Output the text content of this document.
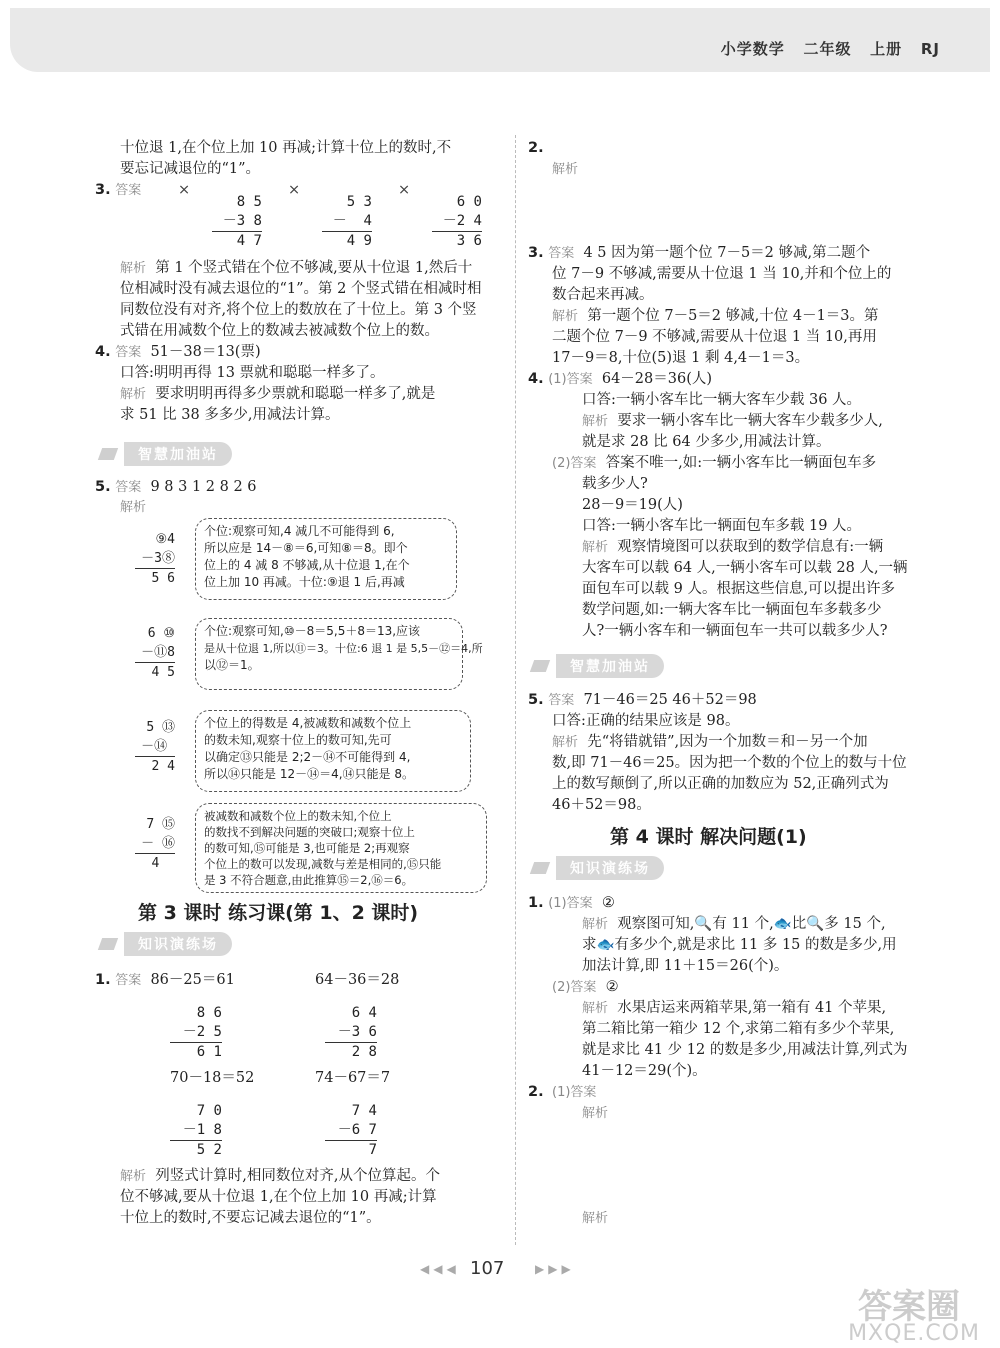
小学数学 二年级 上册 RJ
十位退 1,在个位上加 10 再减;计算十位上的数时,不
要忘记减退位的“1”。
3. 答案	×	×	×
8 5
－3 8
4 7
5 3
－  4
4 9
6 0
－2 4
3 6
解析 第 1 个竖式错在个位不够减,要从十位退 1,然后十
位相减时没有减去退位的“1”。第 2 个竖式错在相减时相
同数位没有对齐,将个位上的数放在了十位上。第 3 个竖
式错在用减数个位上的数减去被减数个位上的数。
4. 答案 51－38＝13(票)
口答:明明再得 13 票就和聪聪一样多了。
解析 要求明明再得多少票就和聪聪一样多了,就是
求 51 比 38 多多少,用减法计算。
智慧加油站
5. 答案 9 8 3 1 2 8 2 6
解析
⑨4
－3⑧
5 6
个位:观察可知,4 减几不可能得到 6,
所以应是 14－⑧＝6,可知⑧＝8。即个
位上的 4 减 8 不够减,从十位退 1,在个
位上加 10 再减。十位:⑨退 1 后,再减
6 ⑩
－⑪8
4 5
个位:观察可知,⑩－8＝5,5＋8＝13,应该
是从十位退 1,所以⑪＝3。十位:6 退 1 是 5,5－⑫＝4,所
以⑫＝1。
5 ⑬
－⑭
2 4
个位上的得数是 4,被减数和减数个位上
的数未知,观察十位上的数可知,先可
以确定⑬只能是 2;2－⑭不可能得到 4,
所以⑭只能是 12－⑭＝4,⑭只能是 8。
7 ⑮
－ ⑯
4
被减数和减数个位上的数未知,个位上
的数找不到解决问题的突破口;观察十位上
的数可知,⑮可能是 3,也可能是 2;再观察
个位上的数可以发现,减数与差是相同的,⑮只能
是 3 不符合题意,由此推算⑮＝2,⑯＝6。
第 3 课时 练习课(第 1、2 课时)
知识演练场
1. 答案 86－25＝61	64－36＝28
8 6
－2 5
6 1
6 4
－3 6
2 8
70－18＝52	74－67＝7
7 0
－1 8
5 2
7 4
－6 7
7
解析 列竖式计算时,相同数位对齐,从个位算起。个
位不够减,要从十位退 1,在个位上加 10 再减;计算
十位上的数时,不要忘记减去退位的“1”。
2.
解析
3. 答案 4 5 因为第一题个位 7－5＝2 够减,第二题个
位 7－9 不够减,需要从十位退 1 当 10,并和个位上的
数合起来再减。
解析 第一题个位 7－5＝2 够减,十位 4－1＝3。第
二题个位 7－9 不够减,需要从十位退 1 当 10,再用
17－9＝8,十位(5)退 1 剩 4,4－1＝3。
4. (1)答案 64－28＝36(人)
口答:一辆小客车比一辆大客车少载 36 人。
解析 要求一辆小客车比一辆大客车少载多少人,
就是求 28 比 64 少多少,用减法计算。
(2)答案 答案不唯一,如:一辆小客车比一辆面包车多
载多少人?
28－9＝19(人)
口答:一辆小客车比一辆面包车多载 19 人。
解析 观察情境图可以获取到的数学信息有:一辆
大客车可以载 64 人,一辆小客车可以载 28 人,一辆
面包车可以载 9 人。根据这些信息,可以提出许多
数学问题,如:一辆大客车比一辆面包车多载多少
人?一辆小客车和一辆面包车一共可以载多少人?
智慧加油站
5. 答案 71－46＝25 46＋52＝98
口答:正确的结果应该是 98。
解析 先“将错就错”,因为一个加数＝和－另一个加
数,即 71－46＝25。因为把一个数的个位上的数与十位
上的数写颠倒了,所以正确的加数应为 52,正确列式为
46＋52＝98。
第 4 课时 解决问题(1)
知识演练场
1. (1)答案 ②
解析 观察图可知,🔍有 11 个,🐟比🔍多 15 个,
求🐟有多少个,就是求比 11 多 15 的数是多少,用
加法计算,即 11＋15＝26(个)。
(2)答案 ②
解析 水果店运来两箱苹果,第一箱有 41 个苹果,
第二箱比第一箱少 12 个,求第二箱有多少个苹果,
就是求比 41 少 12 的数是多少,用减法计算,列式为
41－12＝29(个)。
2.
107
◀◀◀	▶▶▶
答案圈
MXQE.COM
(1)答案
解析

解析
